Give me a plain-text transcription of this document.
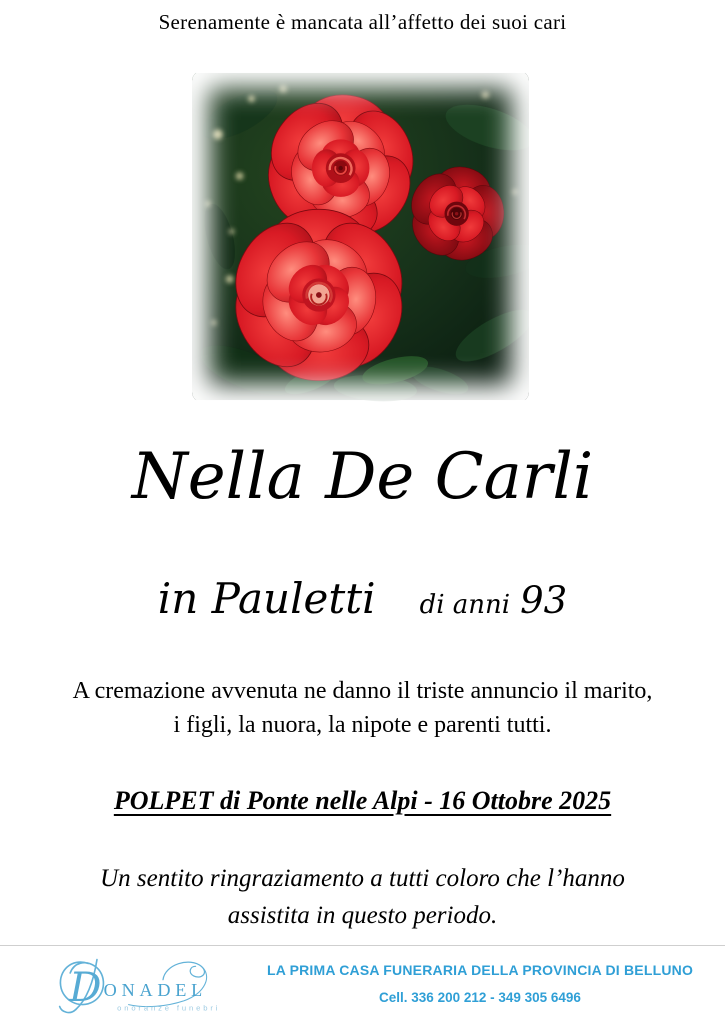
Serenamente è mancata all’affetto dei suoi cari
Nella De Carli
in Pauletti di anni 93
A cremazione avvenuta ne danno il triste annuncio il marito,
i figli, la nuora, la nipote e parenti tutti.
POLPET di Ponte nelle Alpi - 16 Ottobre 2025
Un sentito ringraziamento a tutti coloro che l’hanno
assistita in questo periodo.
D ONADEL
onoranze funebri
LA PRIMA CASA FUNERARIA DELLA PROVINCIA DI BELLUNO
Cell. 336 200 212 - 349 305 6496
